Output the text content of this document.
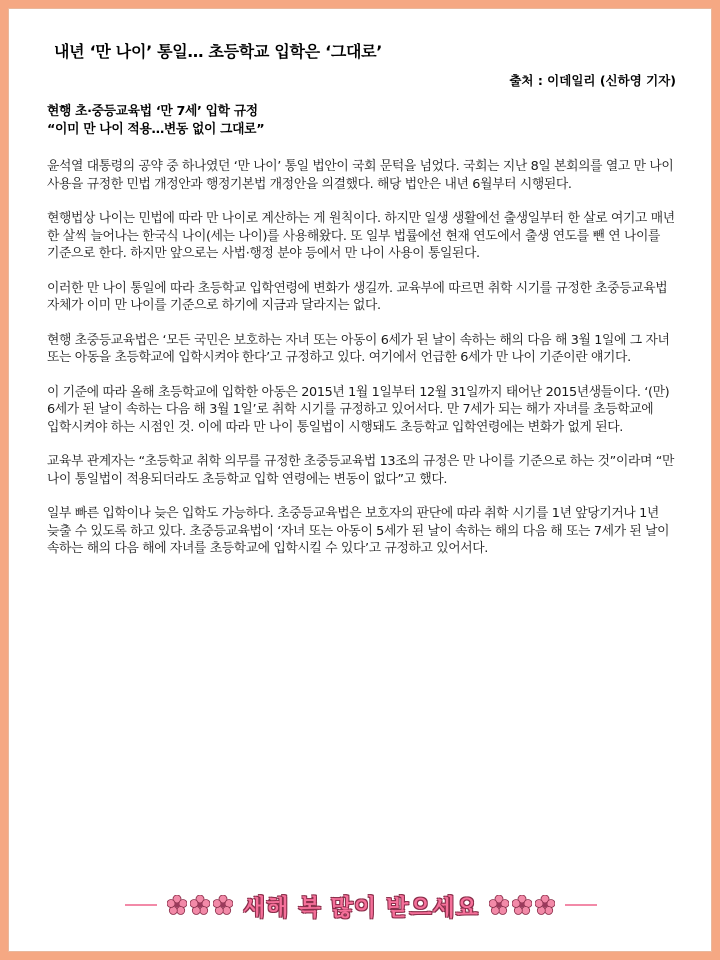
내년 ‘만 나이’ 통일… 초등학교 입학은 ‘그대로’

출처 : 이데일리 (신하영 기자)

현행 초·중등교육법 ‘만 7세’ 입학 규정
“이미 만 나이 적용…변동 없이 그대로”

윤석열 대통령의 공약 중 하나였던 ‘만 나이’ 통일 법안이 국회 문턱을 넘었다. 국회는 지난 8일 본회의를 열고 만 나이 사용을 규정한 민법 개정안과 행정기본법 개정안을 의결했다. 해당 법안은 내년 6월부터 시행된다.

현행법상 나이는 민법에 따라 만 나이로 계산하는 게 원칙이다. 하지만 일생 생활에선 출생일부터 한 살로 여기고 매년 한 살씩 늘어나는 한국식 나이(세는 나이)를 사용해왔다. 또 일부 법률에선 현재 연도에서 출생 연도를 뺀 연 나이를 기준으로 한다. 하지만 앞으로는 사법·행정 분야 등에서 만 나이 사용이 통일된다.

이러한 만 나이 통일에 따라 초등학교 입학연령에 변화가 생길까. 교육부에 따르면 취학 시기를 규정한 초중등교육법 자체가 이미 만 나이를 기준으로 하기에 지금과 달라지는 없다.

현행 초중등교육법은 ‘모든 국민은 보호하는 자녀 또는 아동이 6세가 된 날이 속하는 해의 다음 해 3월 1일에 그 자녀 또는 아동을 초등학교에 입학시켜야 한다’고 규정하고 있다. 여기에서 언급한 6세가 만 나이 기준이란 얘기다.

이 기준에 따라 올해 초등학교에 입학한 아동은 2015년 1월 1일부터 12월 31일까지 태어난 2015년생들이다. ‘(만) 6세가 된 날이 속하는 다음 해 3월 1일’로 취학 시기를 규정하고 있어서다. 만 7세가 되는 해가 자녀를 초등학교에 입학시켜야 하는 시점인 것. 이에 따라 만 나이 통일법이 시행돼도 초등학교 입학연령에는 변화가 없게 된다.

교육부 관계자는 “초등학교 취학 의무를 규정한 초중등교육법 13조의 규정은 만 나이를 기준으로 하는 것”이라며 “만 나이 통일법이 적용되더라도 초등학교 입학 연령에는 변동이 없다”고 했다.

일부 빠른 입학이나 늦은 입학도 가능하다. 초중등교육법은 보호자의 판단에 따라 취학 시기를 1년 앞당기거나 1년 늦출 수 있도록 하고 있다. 초중등교육법이 ‘자녀 또는 아동이 5세가 된 날이 속하는 해의 다음 해 또는 7세가 된 날이 속하는 해의 다음 해에 자녀를 초등학교에 입학시킬 수 있다’고 규정하고 있어서다.

새해 복 많이 받으세요
